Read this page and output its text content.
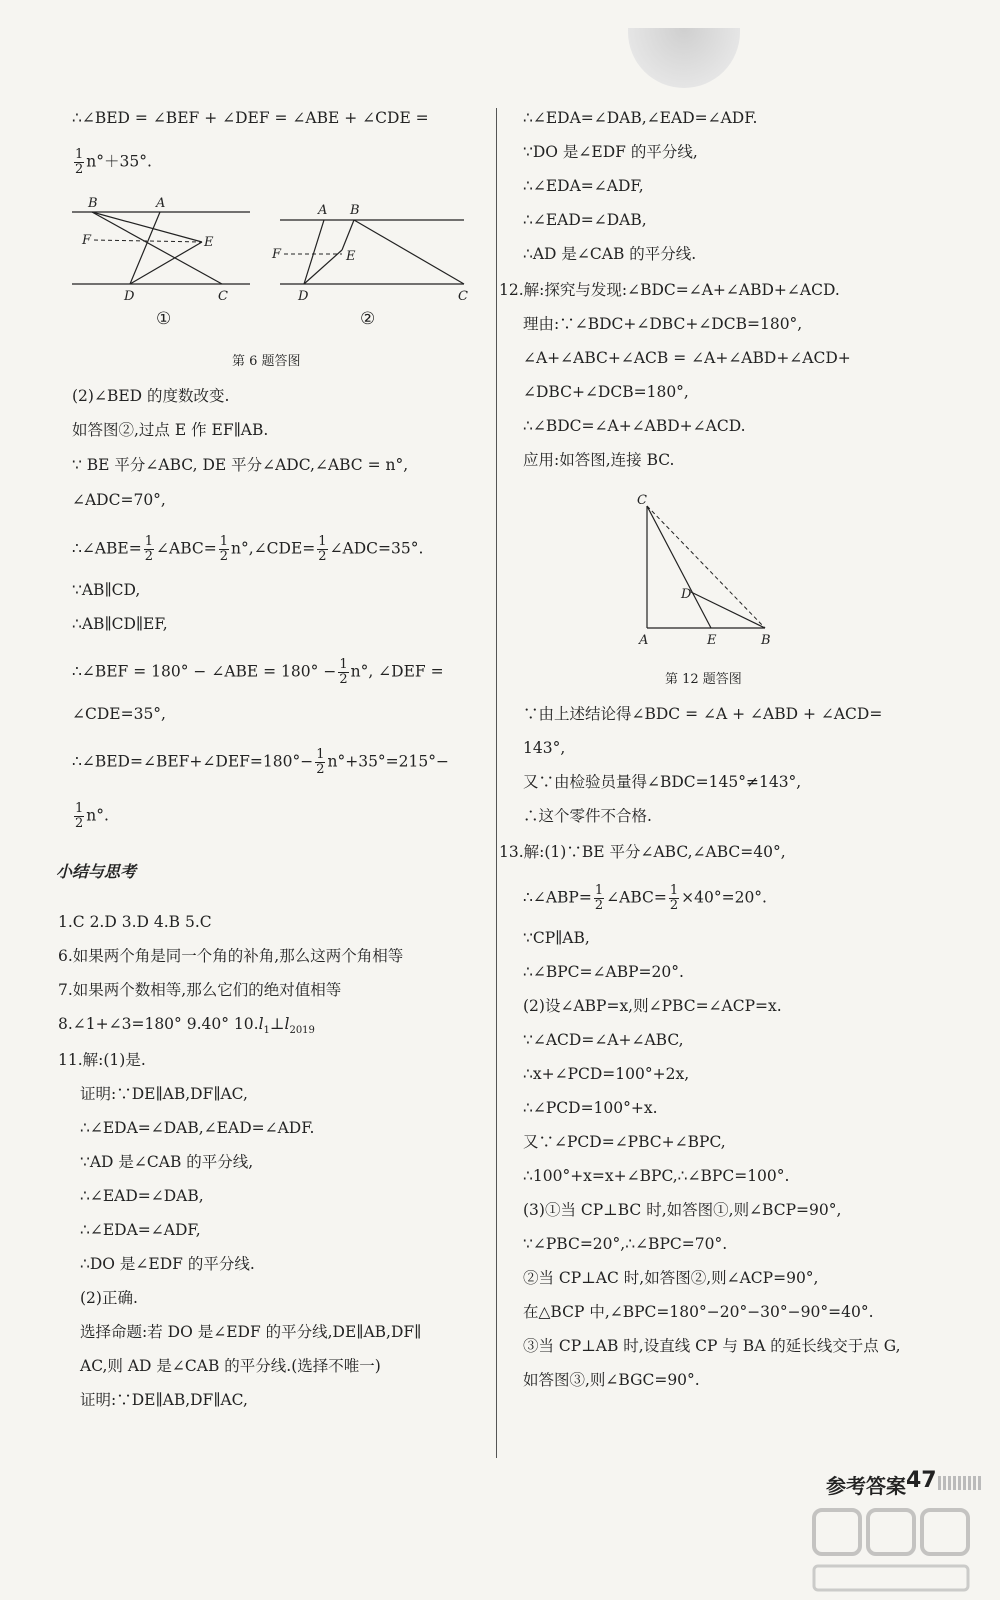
∴∠BED = ∠BEF + ∠DEF = ∠ABE + ∠CDE =
$\frac{1}{2} n^\circ+35^\circ$.
B	A
F	E
D	C
①
A B
F	E
D	C
②
第 6 题答图
(2)∠BED 的度数改变.
如答图②,过点 E 作 EF∥AB.
∵ BE 平分∠ABC, DE 平分∠ADC,∠ABC = n°,
∠ADC=70°,
∴∠ABE= $\frac{1}{2}$ ∠ABC= $\frac{1}{2}$ n°,∠CDE= $\frac{1}{2}$ ∠ADC=35°.
∵AB∥CD,
∴AB∥CD∥EF,
∴∠BEF = 180° − ∠ABE = $180^\circ - \frac{1}{2} n^\circ$, ∠DEF =
∠CDE=35°,
∴∠BED=∠BEF+∠DEF=180°− $\frac{1}{2} n^\circ+35^\circ=215^\circ-$
$\frac{1}{2} n^\circ$.
小结与思考
1.C 2.D 3.D 4.B 5.C
6.如果两个角是同一个角的补角,那么这两个角相等
7.如果两个数相等,那么它们的绝对值相等
8.∠1+∠3=180° 9.40° $10.l_1\perp l_{2019}$
11.解:(1)是.
证明:∵DE∥AB,DF∥AC,
∴∠EDA=∠DAB,∠EAD=∠ADF.
∵AD 是∠CAB 的平分线,
∴∠EAD=∠DAB,
∴∠EDA=∠ADF,
∴DO 是∠EDF 的平分线.
(2)正确.
选择命题:若 DO 是∠EDF 的平分线,DE∥AB,DF∥
AC,则 AD 是∠CAB 的平分线.(选择不唯一)
证明:∵DE∥AB,DF∥AC,
∴∠EDA=∠DAB,∠EAD=∠ADF.
∵DO 是∠EDF 的平分线,
∴∠EDA=∠ADF,
∴∠EAD=∠DAB,
∴AD 是∠CAB 的平分线.
12.解:探究与发现:∠BDC=∠A+∠ABD+∠ACD.
理由:∵∠BDC+∠DBC+∠DCB=180°,
∠A+∠ABC+∠ACB = ∠A+∠ABD+∠ACD+
∠DBC+∠DCB=180°,
∴∠BDC=∠A+∠ABD+∠ACD.
应用:如答图,连接 BC.
C
D
A	E	B
第 12 题答图
∵由上述结论得∠BDC = ∠A + ∠ABD + ∠ACD=
143°,
又∵由检验员量得∠BDC=145°≠143°,
∴这个零件不合格.
13.解:(1)∵BE 平分∠ABC,∠ABC=40°,
∴∠ABP= $\frac{1}{2}$ ∠ABC= $\frac{1}{2} \times 40^\circ=20^\circ$.
∵CP∥AB,
∴∠BPC=∠ABP=20°.
(2)设∠ABP=x,则∠PBC=∠ACP=x.
∵∠ACD=∠A+∠ABC,
∴x+∠PCD=100°+2x,
∴∠PCD=100°+x.
又∵∠PCD=∠PBC+∠BPC,
∴100°+x=x+∠BPC,∴∠BPC=100°.
(3)①当 CP⊥BC 时,如答图①,则∠BCP=90°,
∵∠PBC=20°,∴∠BPC=70°.
②当 CP⊥AC 时,如答图②,则∠ACP=90°,
在△BCP 中,∠BPC=180°−20°−30°−90°=40°.
③当 CP⊥AB 时,设直线 CP 与 BA 的延长线交于点 G,
如答图③,则∠BGC=90°.
参考答案 47
